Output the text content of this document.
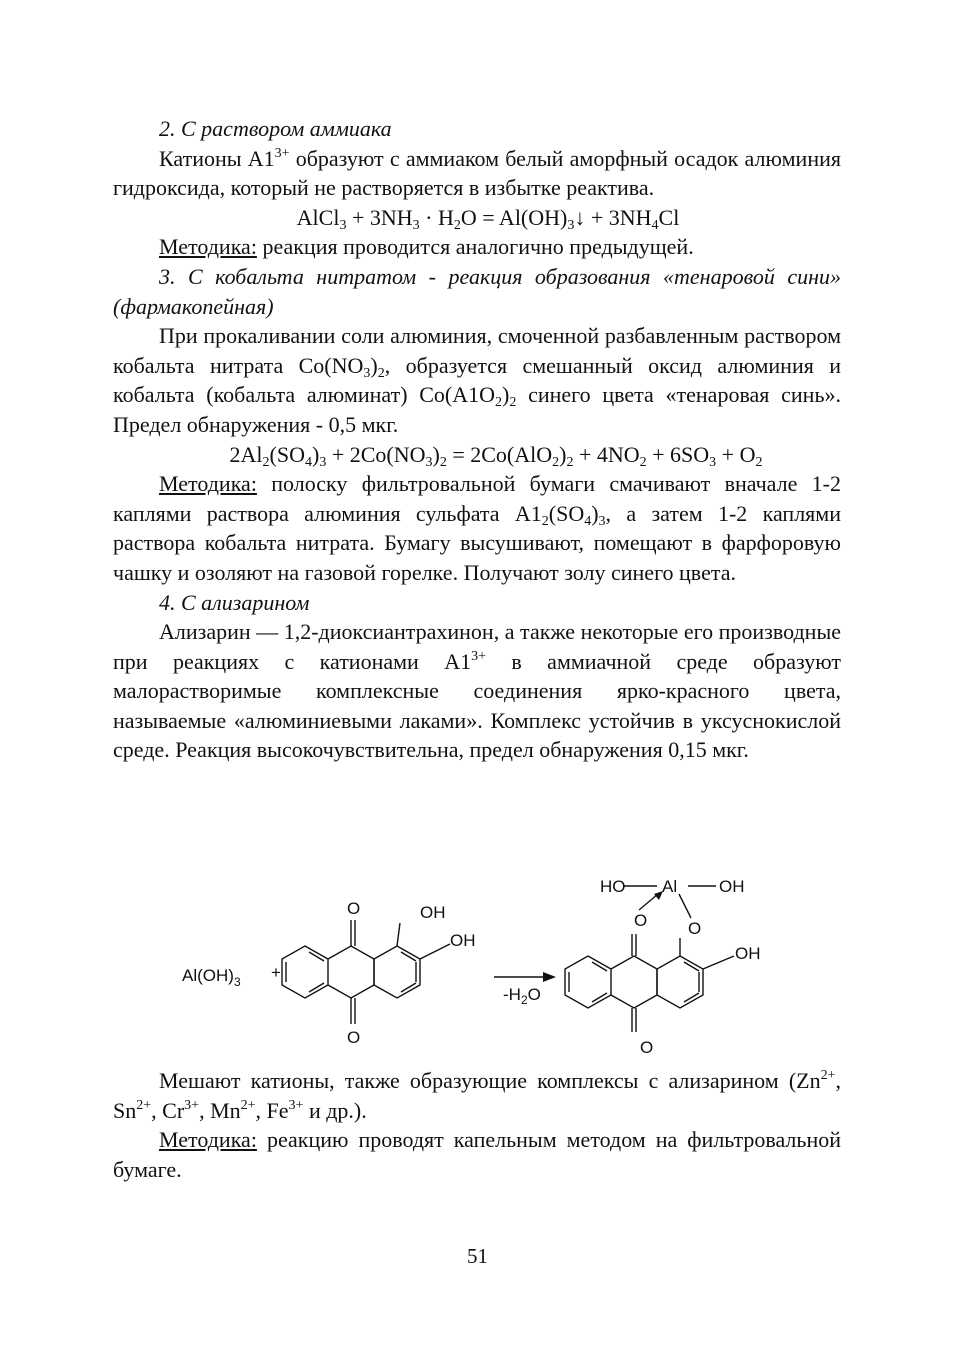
2. С раствором аммиака

Катионы $А1^{3+}$ образуют с аммиаком белый аморфный осадок алюминия гидроксида, который не растворяется в избытке реактива.

AlCl$_3$ + $3NH_3 \cdot H_2O$ = $Al(OH)_3↓ + 3NH_4Cl$

Методика: реакция проводится аналогично предыдущей.

3. С кобальта нитратом - реакция образования «тенаровой сини» (фармакопейная)

При прокаливании соли алюминия, смоченной разбавленным раствором кобальта нитрата $Co(NO_3)_2$, образуется смешанный оксид алюминия и кобальта (кобальта алюминат) $Co(A1O_2)_2$ синего цвета «тенаровая синь». Предел обнаружения - 0,5 мкг.

$2Al_2(SO_4)_3 + 2Co(NO_3)_2 = 2Co(AlO_2)_2 + 4NO_2 + 6SO_3 + O_2$

Методика: полоску фильтровальной бумаги смачивают вначале 1-2 каплями раствора алюминия сульфата $А1_2(SO_4)_3$, а затем 1-2 каплями раствора кобальта нитрата. Бумагу высушивают, помещают в фарфоровую чашку и озоляют на газовой горелке. Получают золу синего цвета.

4. С ализарином

Ализарин — 1,2-диоксиантрахинон, а также некоторые его производные при реакциях с катионами $А1^{3+}$ в аммиачной среде образуют малорастворимые комплексные соединения ярко-красного цвета, называемые «алюминиевыми лаками». Комплекс устойчив в уксуснокислой среде. Реакция высокочувствительна, предел обнаружения 0,15 мкг.

$Al(OH)_3$ +
O
O
OH
OH
$-H_2O$
HO Al OH
O O
O
OH

Мешают катионы, также образующие комплексы с ализарином ($Zn^{2+}$, $Sn^{2+}$, $Cr^{3+}$, $Mn^{2+}$, $Fe^{3+}$ и др.).

Методика: реакцию проводят капельным методом на фильтровальной бумаге.

51
